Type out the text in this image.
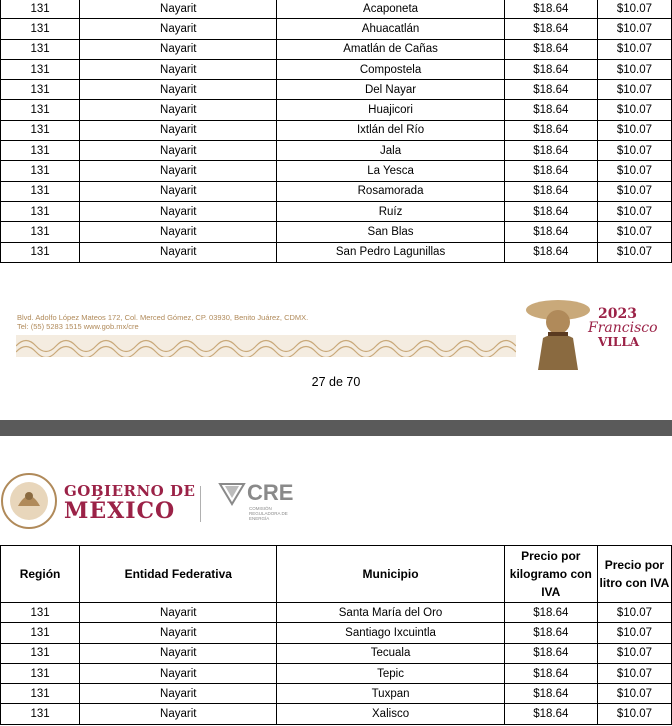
131	Nayarit	Acaponeta	$18.64	$10.07
131	Nayarit	Ahuacatlán	$18.64	$10.07
131	Nayarit	Amatlán de Cañas	$18.64	$10.07
131	Nayarit	Compostela	$18.64	$10.07
131	Nayarit	Del Nayar	$18.64	$10.07
131	Nayarit	Huajicori	$18.64	$10.07
131	Nayarit	Ixtlán del Río	$18.64	$10.07
131	Nayarit	Jala	$18.64	$10.07
131	Nayarit	La Yesca	$18.64	$10.07
131	Nayarit	Rosamorada	$18.64	$10.07
131	Nayarit	Ruíz	$18.64	$10.07
131	Nayarit	San Blas	$18.64	$10.07
131	Nayarit	San Pedro Lagunillas	$18.64	$10.07
Blvd. Adolfo López Mateos 172, Col. Merced Gómez, CP. 03930, Benito Juárez, CDMX.
Tel: (55) 5283 1515 www.gob.mx/cre
2023
Francisco
VILLA
27 de 70
GOBIERNO DE
MÉXICO
CRE
COMISIÓN REGULADORA DE ENERGÍA
Región	Entidad Federativa	Municipio	Precio por kilogramo con IVA	Precio por litro con IVA
131	Nayarit	Santa María del Oro	$18.64	$10.07
131	Nayarit	Santiago Ixcuintla	$18.64	$10.07
131	Nayarit	Tecuala	$18.64	$10.07
131	Nayarit	Tepic	$18.64	$10.07
131	Nayarit	Tuxpan	$18.64	$10.07
131	Nayarit	Xalisco	$18.64	$10.07
